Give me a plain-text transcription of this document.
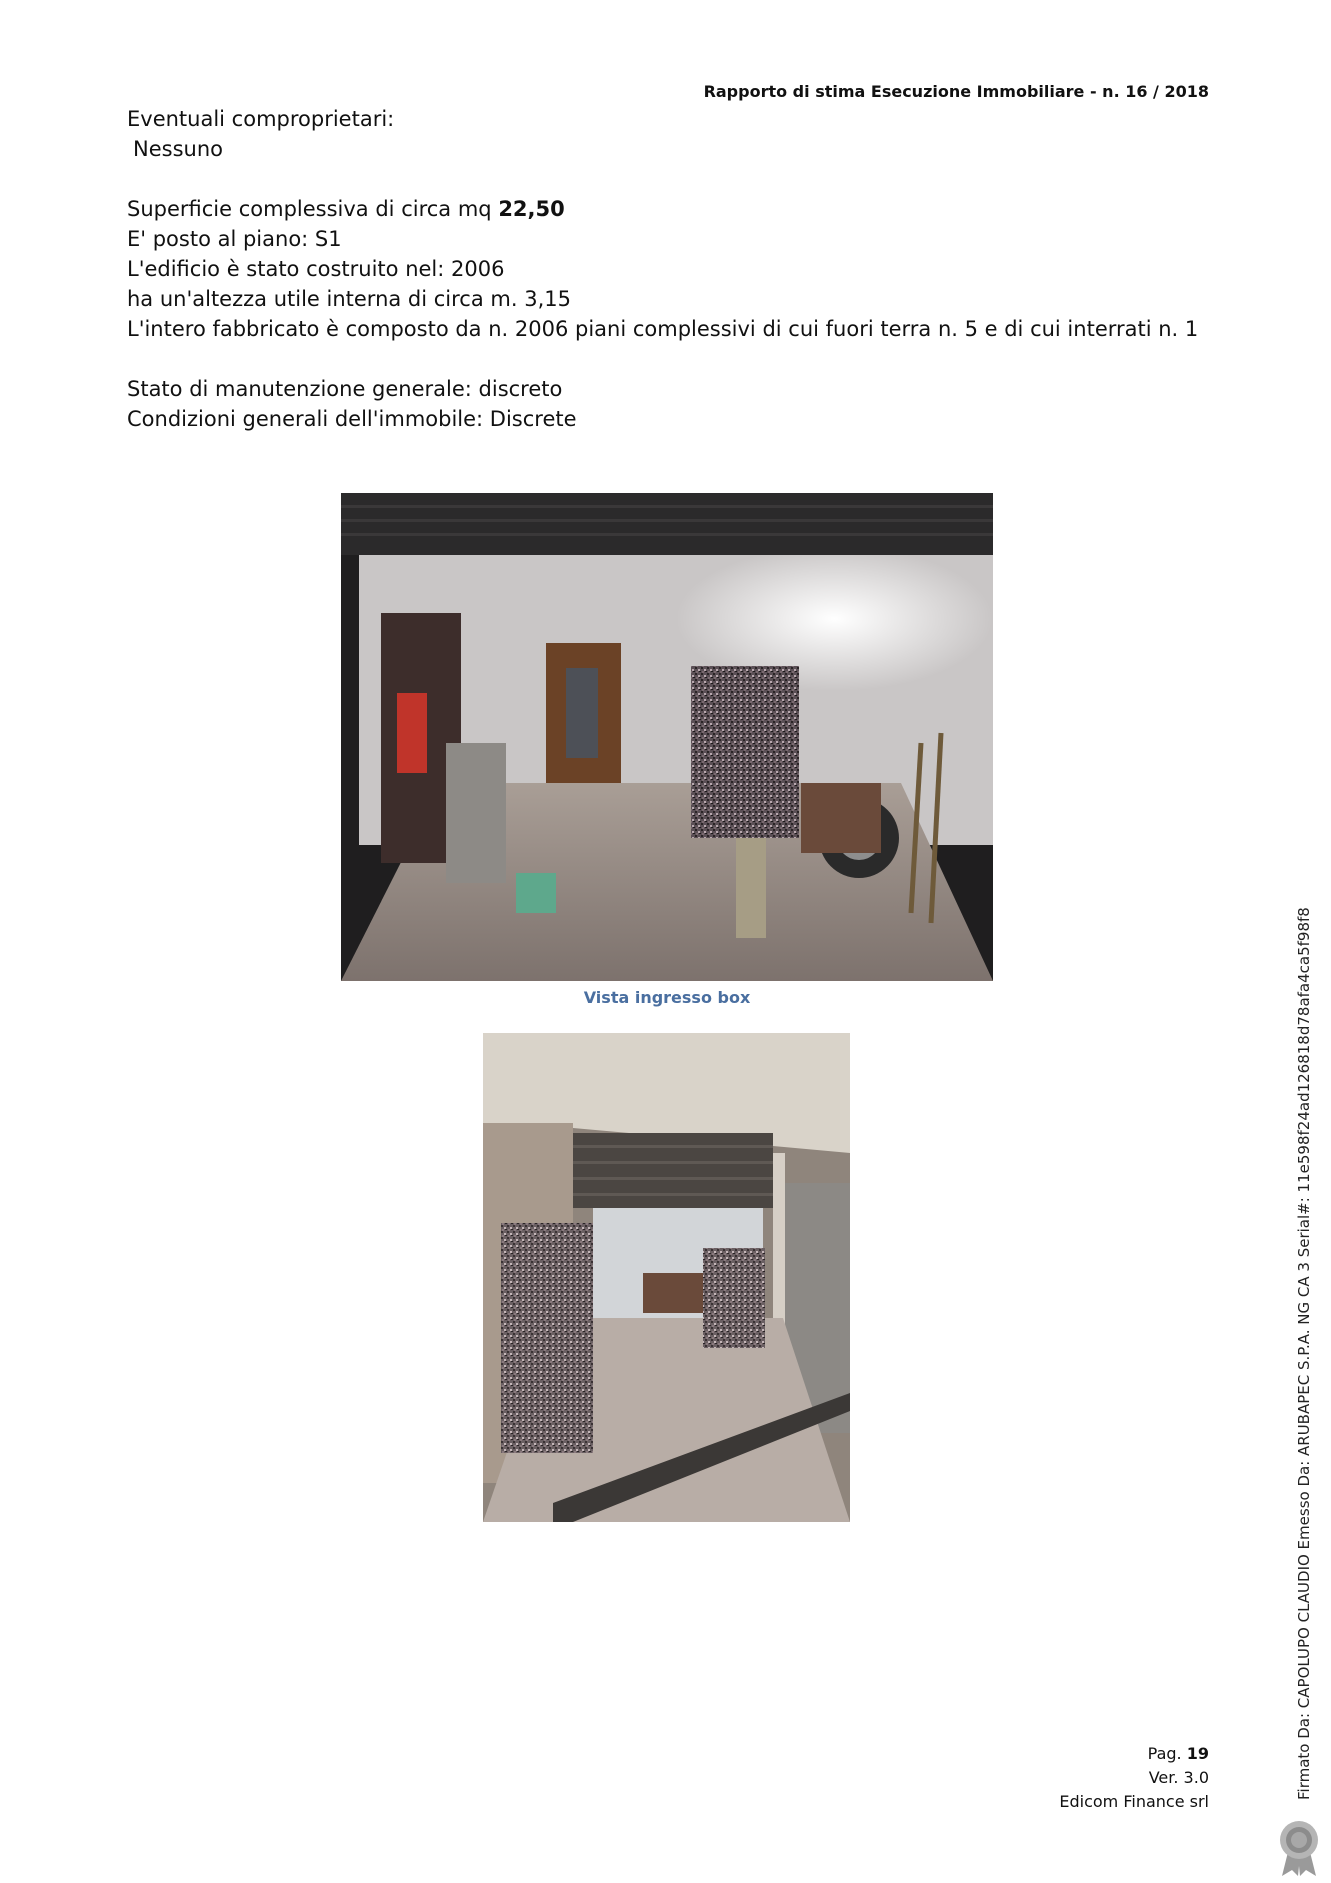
Rapporto di stima Esecuzione Immobiliare - n. 16 / 2018
Eventuali comproprietari:
Nessuno
Superficie complessiva di circa mq 22,50
E' posto al piano: S1
L'edificio è stato costruito nel: 2006
ha un'altezza utile interna di circa m. 3,15
L'intero fabbricato è composto da n. 2006 piani complessivi di cui fuori terra n. 5 e di cui interrati n. 1
Stato di manutenzione generale: discreto
Condizioni generali dell'immobile: Discrete
Vista ingresso box
Pag. 19
Ver. 3.0
Edicom Finance srl
Firmato Da: CAPOLUPO CLAUDIO Emesso Da: ARUBAPEC S.P.A. NG CA 3 Serial#: 11e598f24ad126818d78afa4ca5f98f8
